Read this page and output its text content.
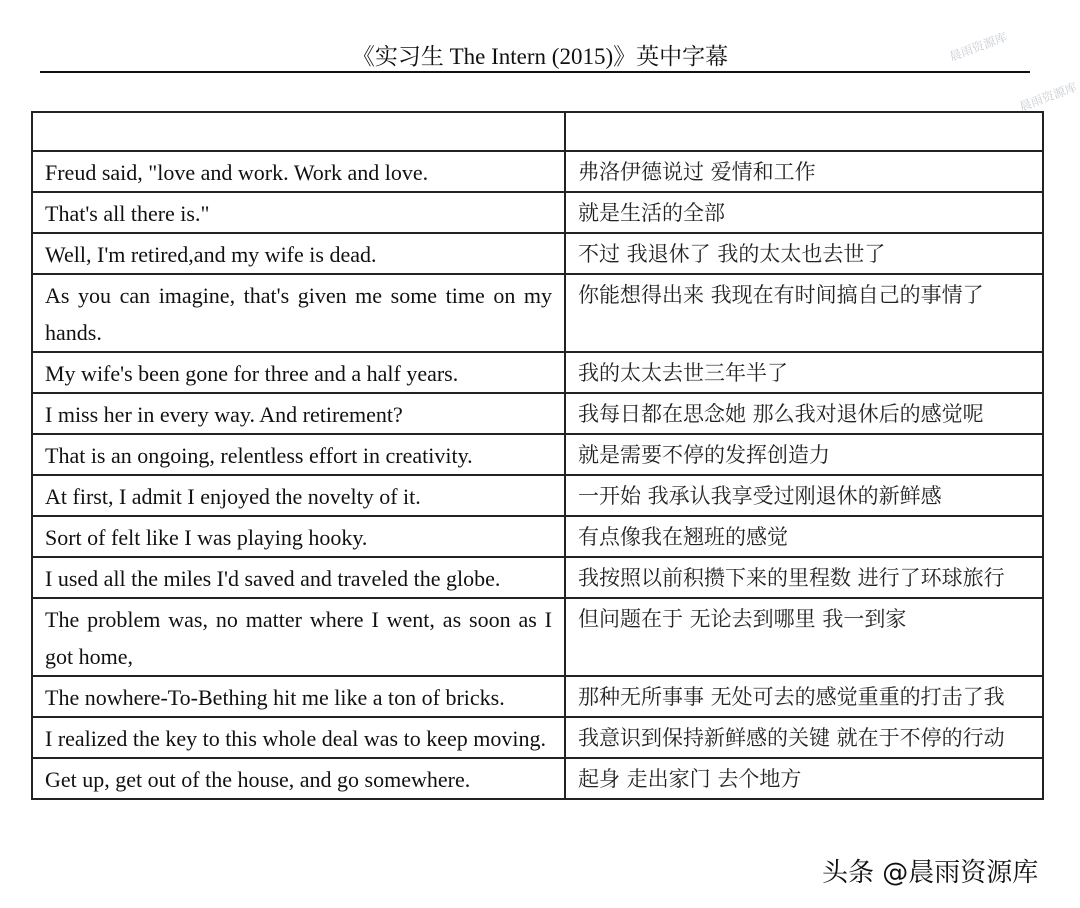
《实习生 The Intern (2015)》英中字幕	晨雨资源库
晨雨资源库

Freud said, "love and work. Work and love.	弗洛伊德说过 爱情和工作
That's all there is."	就是生活的全部
Well, I'm retired,and my wife is dead.	不过 我退休了 我的太太也去世了
As you can imagine, that's given me some time on my hands.	你能想得出来 我现在有时间搞自己的事情了
My wife's been gone for three and a half years.	我的太太去世三年半了
I miss her in every way. And retirement?	我每日都在思念她 那么我对退休后的感觉呢
That is an ongoing, relentless effort in creativity.	就是需要不停的发挥创造力
At first, I admit I enjoyed the novelty of it.	一开始 我承认我享受过刚退休的新鲜感
Sort of felt like I was playing hooky.	有点像我在翘班的感觉
I used all the miles I'd saved and traveled the globe.	我按照以前积攒下来的里程数 进行了环球旅行
The problem was, no matter where I went, as soon as I got home,	但问题在于 无论去到哪里 我一到家
The nowhere-To-Bething hit me like a ton of bricks.	那种无所事事 无处可去的感觉重重的打击了我
I realized the key to this whole deal was to keep moving.	我意识到保持新鲜感的关键 就在于不停的行动
Get up, get out of the house, and go somewhere.	起身 走出家门 去个地方
头条 @晨雨资源库
